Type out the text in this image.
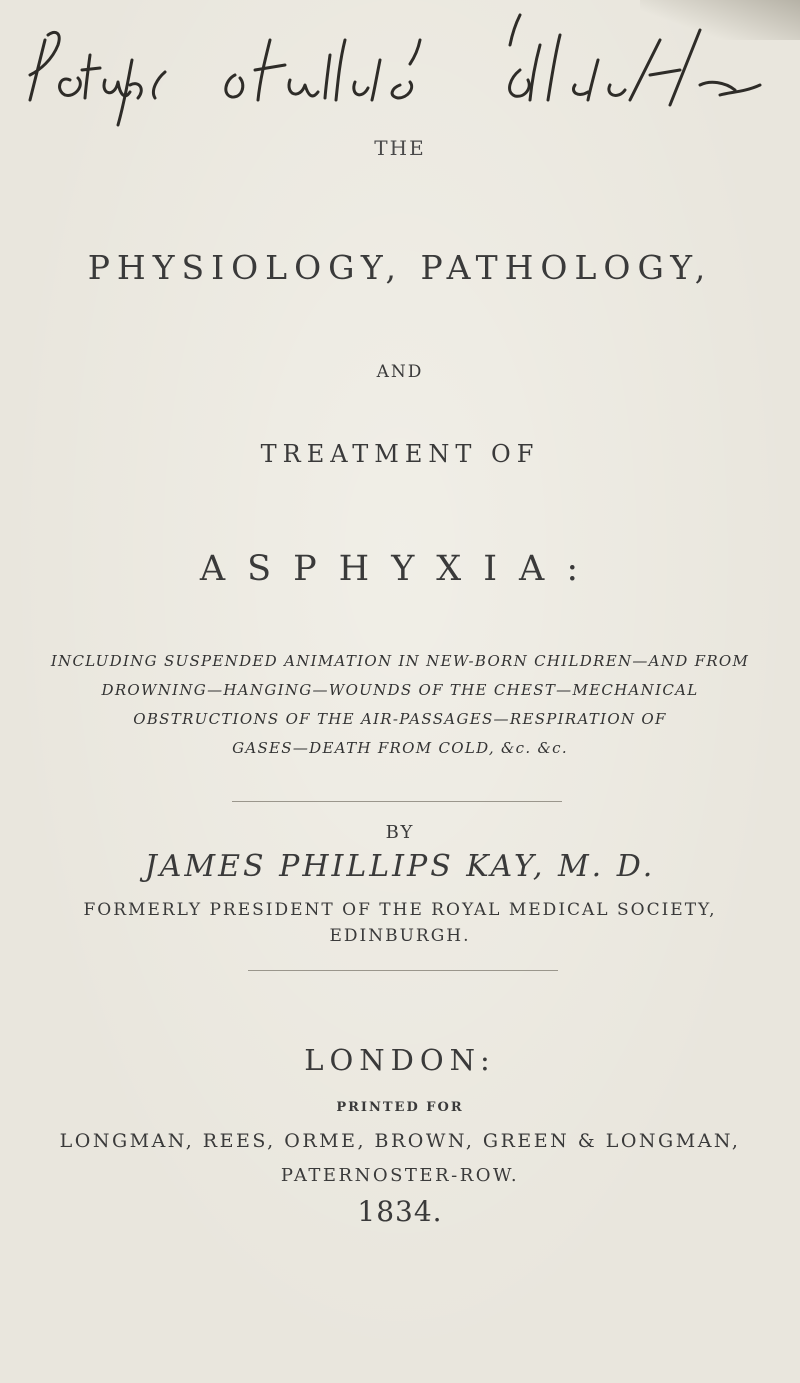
THE
PHYSIOLOGY, PATHOLOGY,
AND
TREATMENT OF
ASPHYXIA:
INCLUDING SUSPENDED ANIMATION IN NEW-BORN CHILDREN—AND FROM
DROWNING—HANGING—WOUNDS OF THE CHEST—MECHANICAL
OBSTRUCTIONS OF THE AIR-PASSAGES—RESPIRATION OF
GASES—DEATH FROM COLD, &c. &c.
BY
JAMES PHILLIPS KAY, M. D.
FORMERLY PRESIDENT OF THE ROYAL MEDICAL SOCIETY,
EDINBURGH.
LONDON:
PRINTED FOR
LONGMAN, REES, ORME, BROWN, GREEN & LONGMAN,
PATERNOSTER-ROW.
1834.
